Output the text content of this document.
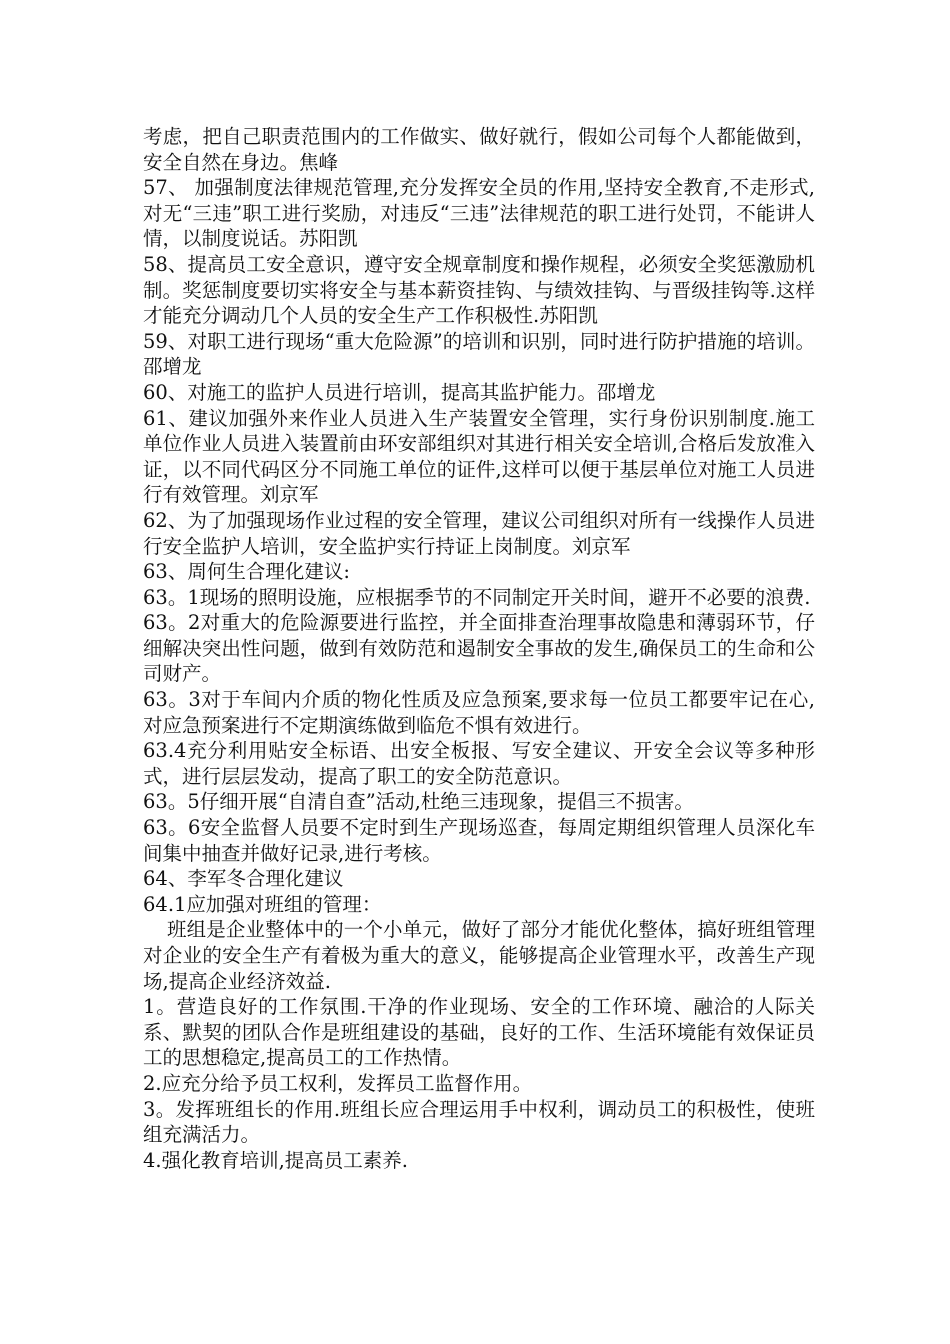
考虑，把自己职责范围内的工作做实、做好就行，假如公司每个人都能做到，安全自然在身边。焦峰

57、 加强制度法律规范管理,充分发挥安全员的作用,坚持安全教育,不走形式,对无“三违”职工进行奖励，对违反“三违”法律规范的职工进行处罚，不能讲人情，以制度说话。苏阳凯

58、提高员工安全意识，遵守安全规章制度和操作规程，必须安全奖惩激励机制。奖惩制度要切实将安全与基本薪资挂钩、与绩效挂钩、与晋级挂钩等.这样才能充分调动几个人员的安全生产工作积极性.苏阳凯

59、对职工进行现场“重大危险源”的培训和识别，同时进行防护措施的培训。邵增龙

60、对施工的监护人员进行培训，提高其监护能力。邵增龙

61、建议加强外来作业人员进入生产装置安全管理，实行身份识别制度.施工单位作业人员进入装置前由环安部组织对其进行相关安全培训,合格后发放准入证，以不同代码区分不同施工单位的证件,这样可以便于基层单位对施工人员进行有效管理。刘京军

62、为了加强现场作业过程的安全管理，建议公司组织对所有一线操作人员进行安全监护人培训，安全监护实行持证上岗制度。刘京军

63、周何生合理化建议:

63。1现场的照明设施，应根据季节的不同制定开关时间，避开不必要的浪费.

63。2对重大的危险源要进行监控，并全面排查治理事故隐患和薄弱环节，仔细解决突出性问题，做到有效防范和遏制安全事故的发生,确保员工的生命和公司财产。

63。3对于车间内介质的物化性质及应急预案,要求每一位员工都要牢记在心,对应急预案进行不定期演练做到临危不惧有效进行。

63.4充分利用贴安全标语、出安全板报、写安全建议、开安全会议等多种形式，进行层层发动，提高了职工的安全防范意识。

63。5仔细开展“自清自查”活动,杜绝三违现象，提倡三不损害。

63。6安全监督人员要不定时到生产现场巡查，每周定期组织管理人员深化车间集中抽查并做好记录,进行考核。

64、李军冬合理化建议

64.1应加强对班组的管理：

班组是企业整体中的一个小单元，做好了部分才能优化整体，搞好班组管理对企业的安全生产有着极为重大的意义，能够提高企业管理水平，改善生产现场,提高企业经济效益.

1。营造良好的工作氛围.干净的作业现场、安全的工作环境、融洽的人际关系、默契的团队合作是班组建设的基础，良好的工作、生活环境能有效保证员工的思想稳定,提高员工的工作热情。

2.应充分给予员工权利，发挥员工监督作用。

3。发挥班组长的作用.班组长应合理运用手中权利，调动员工的积极性，使班组充满活力。

4.强化教育培训,提高员工素养.
